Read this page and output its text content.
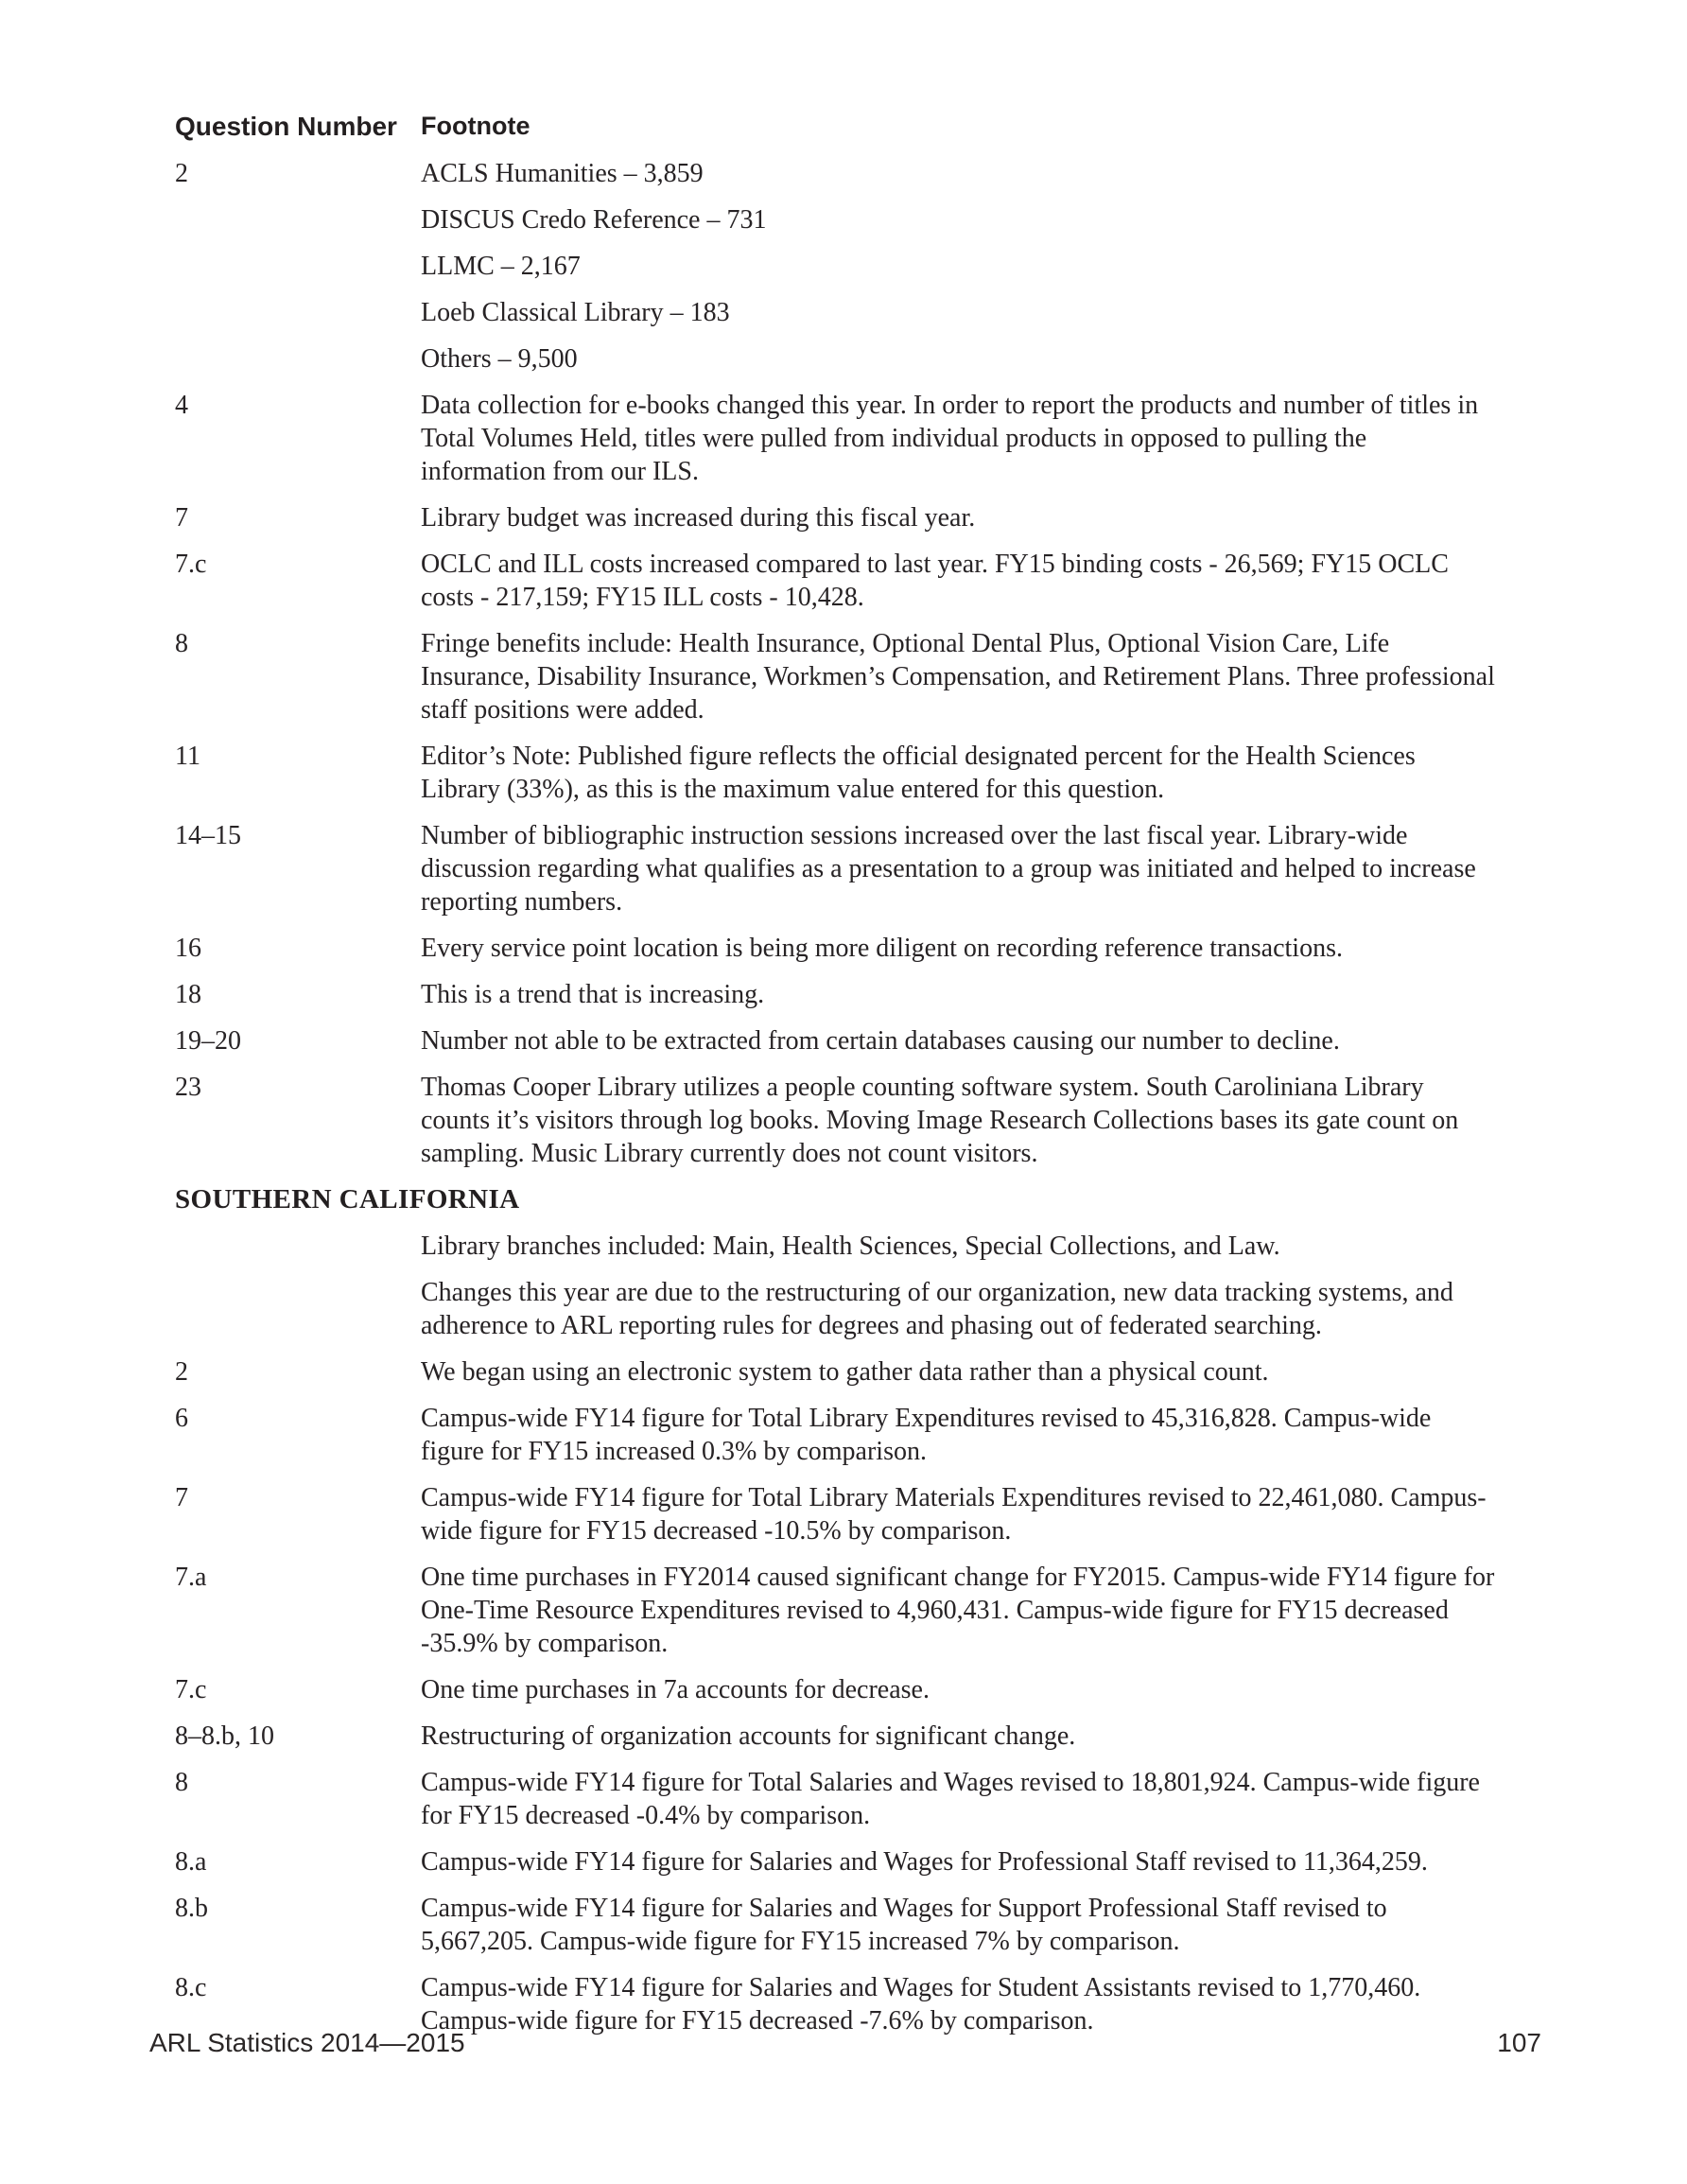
Question Number Footnote
2	ACLS Humanities – 3,859

DISCUS Credo Reference – 731

LLMC – 2,167

Loeb Classical Library – 183

Others – 9,500

4	Data collection for e-books changed this year. In order to report the products and number of titles in Total Volumes Held, titles were pulled from individual products in opposed to pulling the information from our ILS.

7	Library budget was increased during this fiscal year.

7.c	OCLC and ILL costs increased compared to last year. FY15 binding costs - 26,569; FY15 OCLC costs - 217,159; FY15 ILL costs - 10,428.

8	Fringe benefits include: Health Insurance, Optional Dental Plus, Optional Vision Care, Life Insurance, Disability Insurance, Workmen’s Compensation, and Retirement Plans. Three professional staff positions were added.

11	Editor’s Note: Published figure reflects the official designated percent for the Health Sciences Library (33%), as this is the maximum value entered for this question.

14–15	Number of bibliographic instruction sessions increased over the last fiscal year. Library-wide discussion regarding what qualifies as a presentation to a group was initiated and helped to increase reporting numbers.

16	Every service point location is being more diligent on recording reference transactions.

18	This is a trend that is increasing.

19–20	Number not able to be extracted from certain databases causing our number to decline.

23	Thomas Cooper Library utilizes a people counting software system. South Caroliniana Library counts it’s visitors through log books. Moving Image Research Collections bases its gate count on sampling. Music Library currently does not count visitors.

SOUTHERN CALIFORNIA

Library branches included: Main, Health Sciences, Special Collections, and Law.

Changes this year are due to the restructuring of our organization, new data tracking systems, and adherence to ARL reporting rules for degrees and phasing out of federated searching.

2	We began using an electronic system to gather data rather than a physical count.

6	Campus-wide FY14 figure for Total Library Expenditures revised to 45,316,828. Campus-wide figure for FY15 increased 0.3% by comparison.

7	Campus-wide FY14 figure for Total Library Materials Expenditures revised to 22,461,080. Campus-wide figure for FY15 decreased -10.5% by comparison.

7.a	One time purchases in FY2014 caused significant change for FY2015. Campus-wide FY14 figure for One-Time Resource Expenditures revised to 4,960,431. Campus-wide figure for FY15 decreased -35.9% by comparison.

7.c	One time purchases in 7a accounts for decrease.

8–8.b, 10	Restructuring of organization accounts for significant change.

8	Campus-wide FY14 figure for Total Salaries and Wages revised to 18,801,924. Campus-wide figure for FY15 decreased -0.4% by comparison.

8.a	Campus-wide FY14 figure for Salaries and Wages for Professional Staff revised to 11,364,259.

8.b	Campus-wide FY14 figure for Salaries and Wages for Support Professional Staff revised to 5,667,205. Campus-wide figure for FY15 increased 7% by comparison.

8.c	Campus-wide FY14 figure for Salaries and Wages for Student Assistants revised to 1,770,460. Campus-wide figure for FY15 decreased -7.6% by comparison.

ARL Statistics 2014—2015	107
